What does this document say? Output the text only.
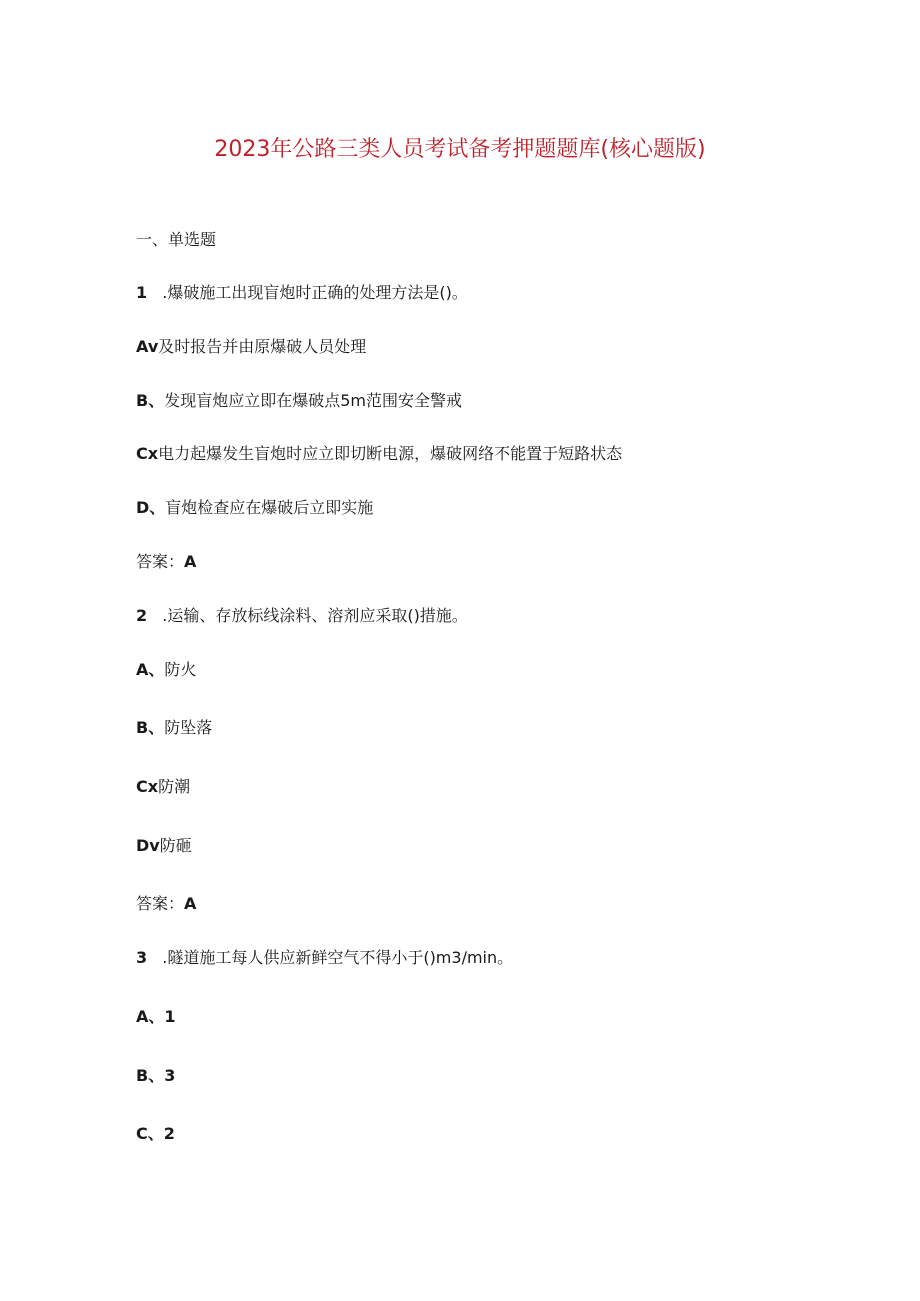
2023年公路三类人员考试备考押题题库(核心题版)
一、单选题
1 .爆破施工出现盲炮时正确的处理方法是()。
Av及时报告并由原爆破人员处理
B、发现盲炮应立即在爆破点5m范围安全警戒
Cx电力起爆发生盲炮时应立即切断电源，爆破网络不能置于短路状态
D、盲炮检查应在爆破后立即实施
答案：A
2 .运输、存放标线涂料、溶剂应采取()措施。
A、防火
B、防坠落
Cx防潮
Dv防砸
答案：A
3 .隧道施工每人供应新鲜空气不得小于()m3∕min。
A、1
B、3
C、2
